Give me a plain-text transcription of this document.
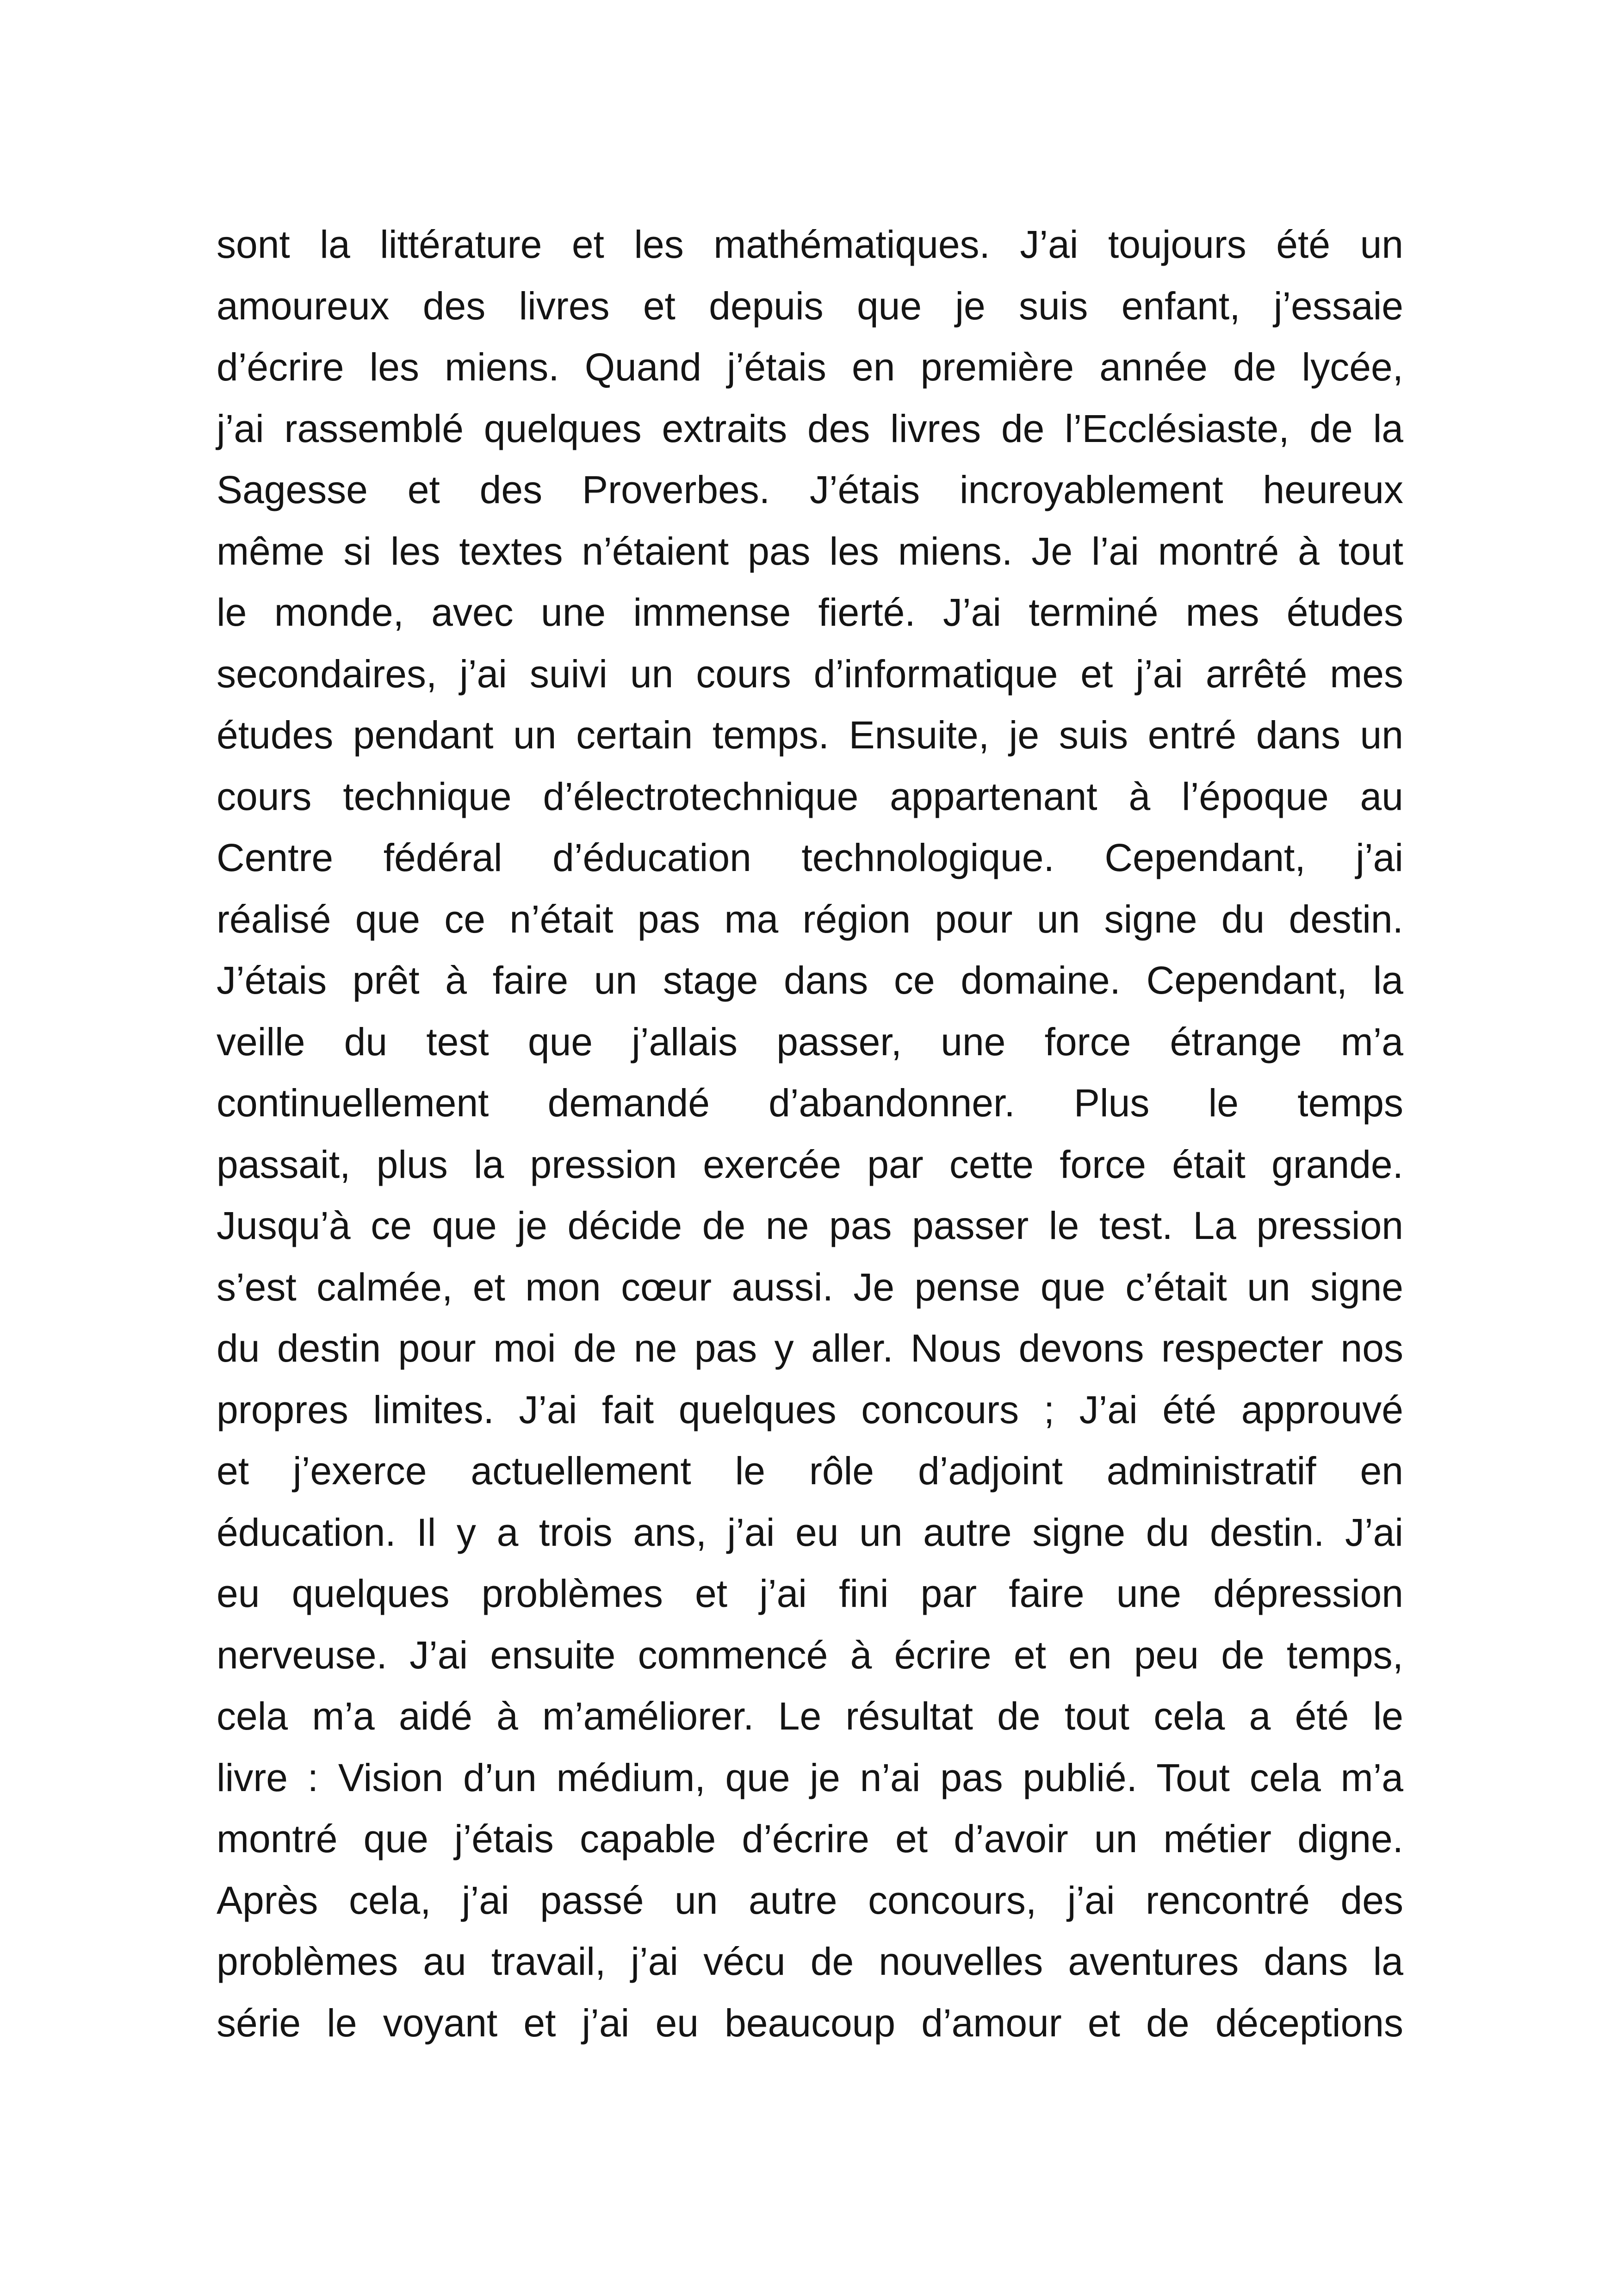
sont la littérature et les mathématiques. J’ai toujours été un
amoureux des livres et depuis que je suis enfant, j’essaie
d’écrire les miens. Quand j’étais en première année de lycée,
j’ai rassemblé quelques extraits des livres de l’Ecclésiaste, de la
Sagesse et des Proverbes. J’étais incroyablement heureux
même si les textes n’étaient pas les miens. Je l’ai montré à tout
le monde, avec une immense fierté. J’ai terminé mes études
secondaires, j’ai suivi un cours d’informatique et j’ai arrêté mes
études pendant un certain temps. Ensuite, je suis entré dans un
cours technique d’électrotechnique appartenant à l’époque au
Centre fédéral d’éducation technologique. Cependant, j’ai
réalisé que ce n’était pas ma région pour un signe du destin.
J’étais prêt à faire un stage dans ce domaine. Cependant, la
veille du test que j’allais passer, une force étrange m’a
continuellement demandé d’abandonner. Plus le temps
passait, plus la pression exercée par cette force était grande.
Jusqu’à ce que je décide de ne pas passer le test. La pression
s’est calmée, et mon cœur aussi. Je pense que c’était un signe
du destin pour moi de ne pas y aller. Nous devons respecter nos
propres limites. J’ai fait quelques concours ; J’ai été approuvé
et j’exerce actuellement le rôle d’adjoint administratif en
éducation. Il y a trois ans, j’ai eu un autre signe du destin. J’ai
eu quelques problèmes et j’ai fini par faire une dépression
nerveuse. J’ai ensuite commencé à écrire et en peu de temps,
cela m’a aidé à m’améliorer. Le résultat de tout cela a été le
livre : Vision d’un médium, que je n’ai pas publié. Tout cela m’a
montré que j’étais capable d’écrire et d’avoir un métier digne.
Après cela, j’ai passé un autre concours, j’ai rencontré des
problèmes au travail, j’ai vécu de nouvelles aventures dans la
série le voyant et j’ai eu beaucoup d’amour et de déceptions
